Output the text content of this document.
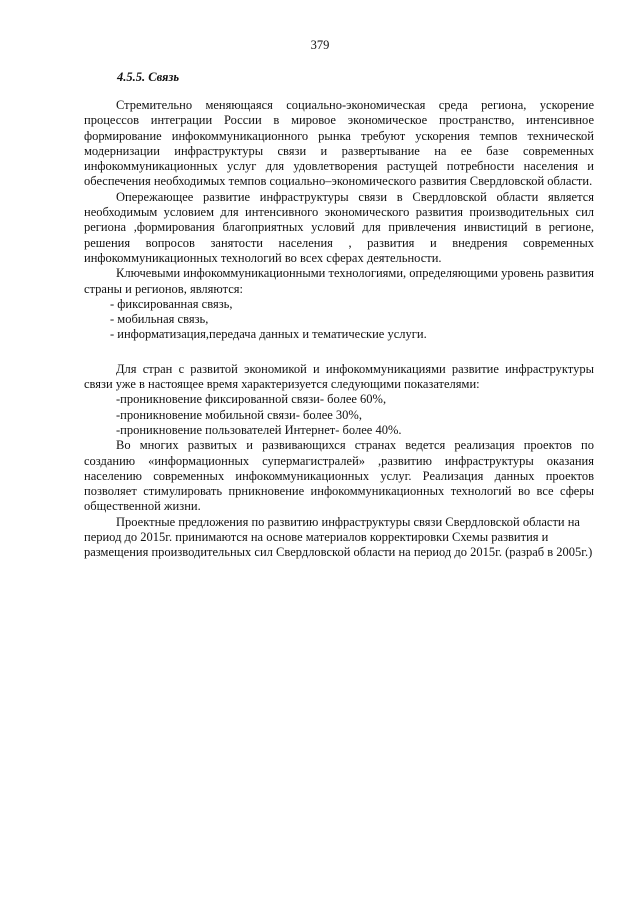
379
4.5.5. Связь

Стремительно меняющаяся социально-экономическая среда региона, ускорение процессов интеграции России в мировое экономическое пространство, интенсивное формирование инфокоммуникационного рынка требуют ускорения темпов технической модернизации инфраструктуры связи и развертывание на ее базе современных инфокоммуникационных услуг для удовлетворения растущей потребности населения и обеспечения необходимых темпов социально–экономического развития Свердловской области.

Опережающее развитие инфраструктуры связи в Свердловской области является необходимым условием для интенсивного экономического развития производительных сил региона ,формирования благоприятных условий для привлечения инвистиций в регионе, решения вопросов занятости населения , развития и внедрения современных инфокоммуникационных технологий во всех сферах деятельности.

Ключевыми инфокоммуникационными технологиями, определяющими уровень развития страны и регионов, являются:

- фиксированная связь,
- мобильная связь,
- информатизация,передача данных и тематические услуги.

Для стран с развитой экономикой и инфокоммуникациями развитие инфраструктуры связи уже в настоящее время характеризуется следующими показателями:

-проникновение фиксированной связи- более 60%,
-проникновение мобильной связи- более 30%,
-проникновение пользователей Интернет- более 40%.

Во многих развитых и развивающихся странах ведется реализация проектов по созданию «информационных супермагистралей» ,развитию инфраструктуры оказания населению современных инфокоммуникационных услуг. Реализация данных проектов позволяет стимулировать прникновение инфокоммуникационных технологий во все сферы общественной жизни.

Проектные предложения по развитию инфраструктуры связи Свердловской области на период до 2015г. принимаются на основе материалов корректировки Схемы развития и размещения производительных сил Свердловской области на период до 2015г. (разраб в 2005г.)
